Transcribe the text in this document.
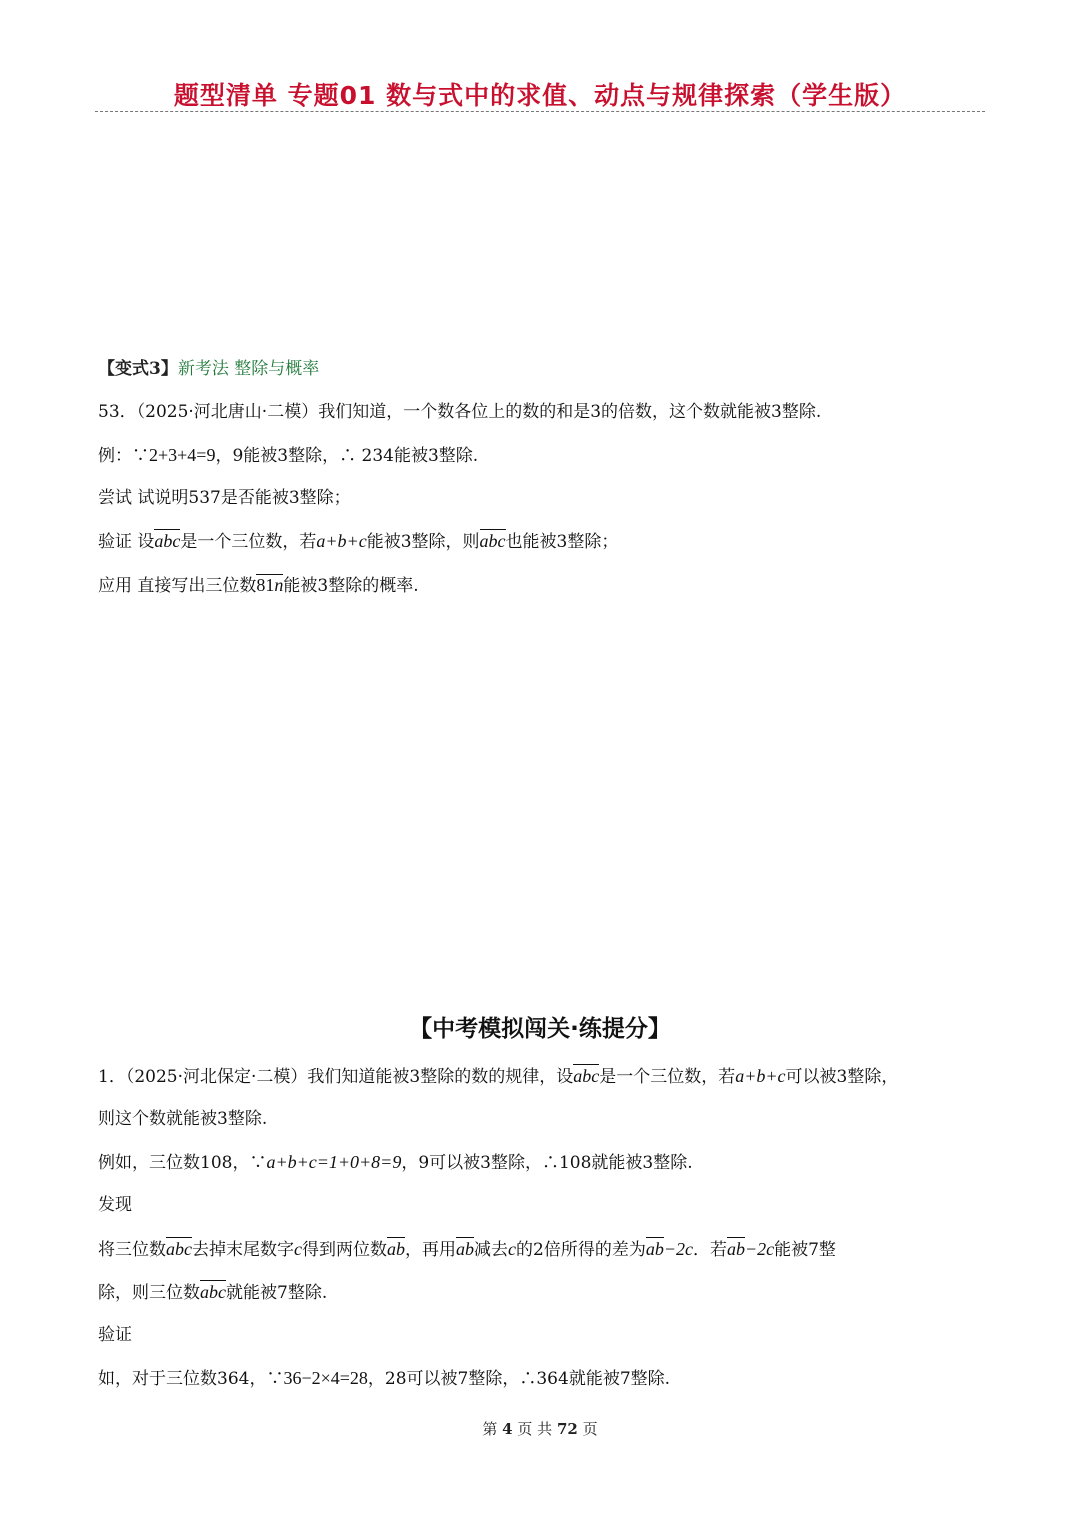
题型清单 专题01 数与式中的求值、动点与规律探索（学生版）
【变式3】新考法 整除与概率
53．（2025·河北唐山·二模）我们知道，一个数各位上的数的和是3的倍数，这个数就能被3整除.
例：∵2+3+4=9，9能被3整除，∴ 234能被3整除.
尝试 试说明537是否能被3整除；
验证 设abc是一个三位数，若a+b+c能被3整除，则abc也能被3整除；
应用 直接写出三位数81n能被3整除的概率.
【中考模拟闯关·练提分】
1．（2025·河北保定·二模）我们知道能被3整除的数的规律，设abc是一个三位数，若a+b+c可以被3整除，
则这个数就能被3整除.
例如，三位数108，∵a+b+c=1+0+8=9，9可以被3整除，∴108就能被3整除.
发现
将三位数abc去掉末尾数字c得到两位数ab，再用ab减去c的2倍所得的差为ab−2c．若ab−2c能被7整
除，则三位数abc就能被7整除.
验证
如，对于三位数364，∵36−2×4=28，28可以被7整除，∴364就能被7整除.
第 4 页 共 72 页
